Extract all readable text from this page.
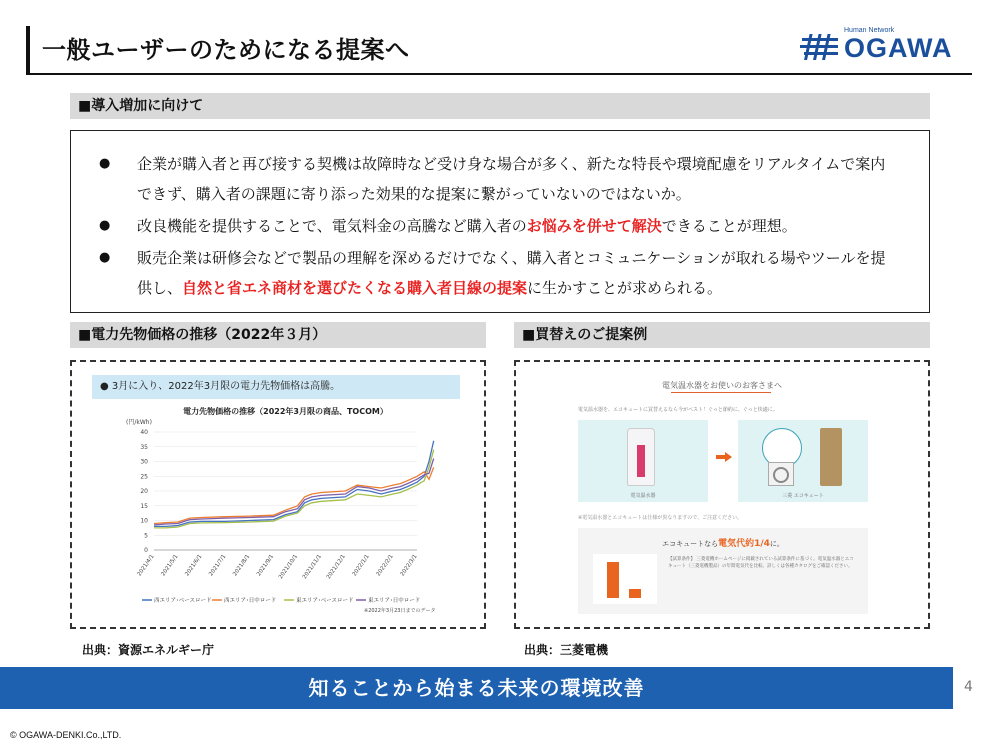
一般ユーザーのためになる提案へ
Human Network
OGAWA
■導入増加に向けて
● 企業が購入者と再び接する契機は故障時など受け身な場合が多く、新たな特長や環境配慮をリアルタイムで案内できず、購入者の課題に寄り添った効果的な提案に繋がっていないのではないか。
● 改良機能を提供することで、電気料金の高騰など購入者のお悩みを併せて解決できることが理想。
● 販売企業は研修会などで製品の理解を深めるだけでなく、購入者とコミュニケーションが取れる場やツールを提供し、自然と省エネ商材を選びたくなる購入者目線の提案に生かすことが求められる。
■電力先物価格の推移（2022年３月）	■買替えのご提案例
● 3月に入り、2022年3月限の電力先物価格は高騰。
電力先物価格の推移（2022年3月限の商品、TOCOM）
(円/kWh)
0
5
10
15
20
25
30
35
40
2021/4/1 2021/5/1 2021/6/1 2021/7/1 2021/8/1 2021/9/1 2021/10/1 2021/11/1 2021/12/1 2022/1/1 2022/2/1 2022/3/1
西エリア･ベースロード 西エリア･日中ロード	東エリア･ベースロード	東エリア･日中ロード
※2022年3月23日までのデータ
電気温水器をお使いのお客さまへ
電気温水器を、エコキュートに買替えるなら今がベスト！ぐっと節約に、ぐっと快適に。
電気温水器	三菱 エコキュート
※電気温水器とエコキュートは仕様が異なりますので、ご注意ください。
エコキュートなら電気代約1/4に。
【試算条件】 三菱電機ホームページに掲載されている試算条件に基づく。電気温水器とエコキュート（三菱電機製品）の年間電気代を比較。詳しくは各種カタログをご確認ください。
出典：資源エネルギー庁	出典：三菱電機
知ることから始まる未来の環境改善	4
© OGAWA-DENKI.Co.,LTD.
